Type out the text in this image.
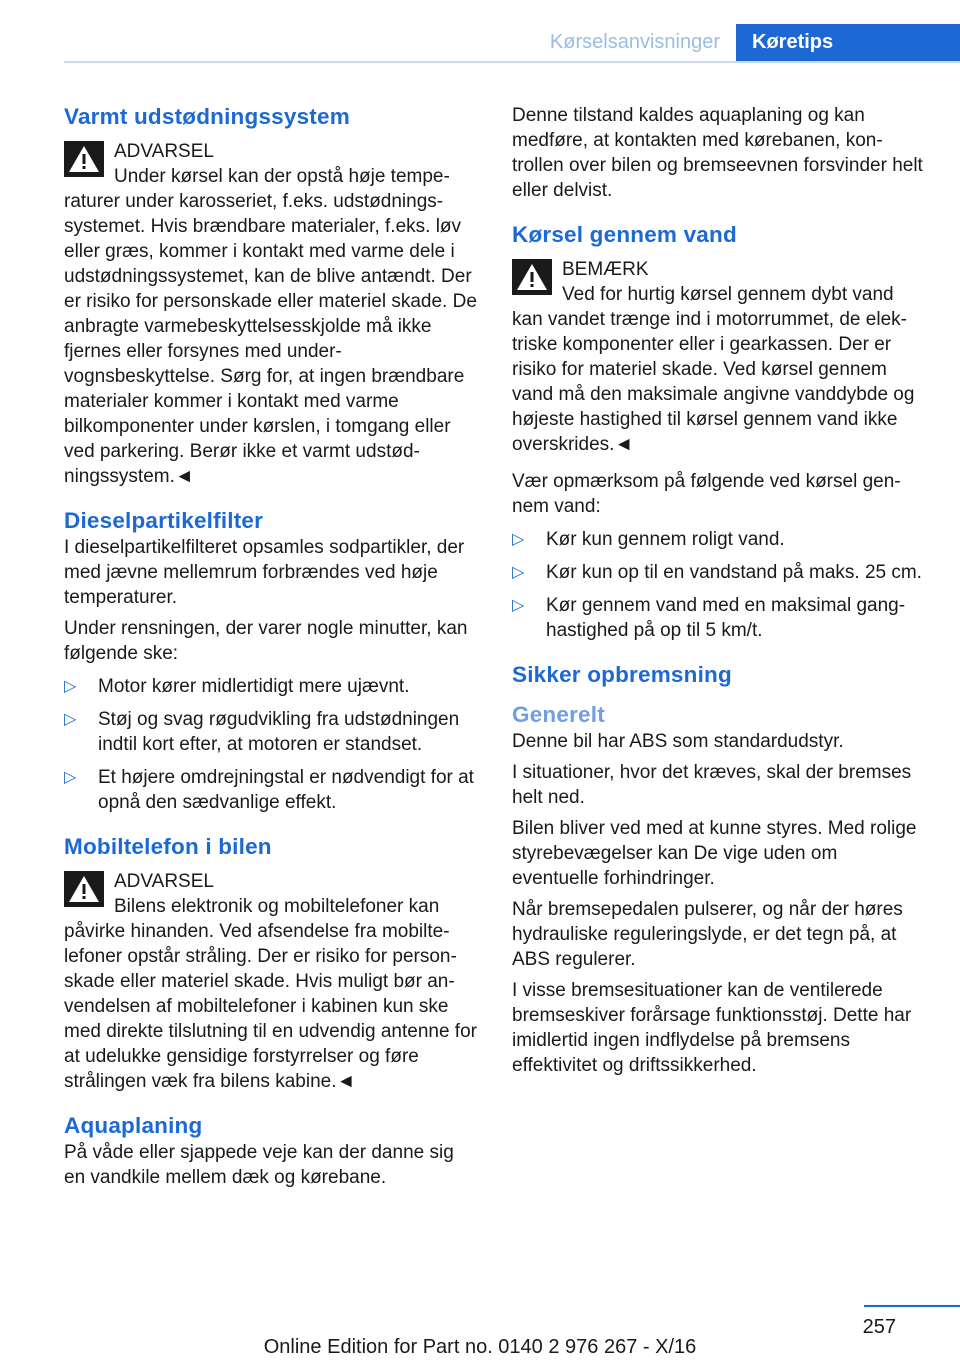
Kørselsanvisninger	Køretips
Varmt udstødningssystem
ADVARSEL
Under kørsel kan der opstå høje temperaturer under karosseriet, f.eks. udstødningssystemet. Hvis brændbare materialer, f.eks. løv eller græs, kommer i kontakt med varme dele i udstødningssystemet, kan de blive antændt. Der er risiko for personskade eller materiel skade. De anbragte varmebeskyttelsesskjolde må ikke fjernes eller forsynes med undervognsbeskyttelse. Sørg for, at ingen brændbare materialer kommer i kontakt med varme bilkomponenter under kørslen, i tomgang eller ved parkering. Berør ikke et varmt udstødningssystem.◄
Dieselpartikelfilter

I dieselpartikelfilteret opsamles sodpartikler, der med jævne mellemrum forbrændes ved høje temperaturer.

Under rensningen, der varer nogle minutter, kan følgende ske:

▷ Motor kører midlertidigt mere ujævnt.
▷ Støj og svag røgudvikling fra udstødningen indtil kort efter, at motoren er standset.
▷ Et højere omdrejningstal er nødvendigt for at opnå den sædvanlige effekt.
Mobiltelefon i bilen
ADVARSEL
Bilens elektronik og mobiltelefoner kan påvirke hinanden. Ved afsendelse fra mobiltelefoner opstår stråling. Der er risiko for personskade eller materiel skade. Hvis muligt bør anvendelsen af mobiltelefoner i kabinen kun ske med direkte tilslutning til en udvendig antenne for at udelukke gensidige forstyrrelser og føre strålingen væk fra bilens kabine.◄
Aquaplaning

På våde eller sjappede veje kan der danne sig en vandkile mellem dæk og kørebane.

Denne tilstand kaldes aquaplaning og kan medføre, at kontakten med kørebanen, kontrollen over bilen og bremseevnen forsvinder helt eller delvist.

Kørsel gennem vand
BEMÆRK
Ved for hurtig kørsel gennem dybt vand kan vandet trænge ind i motorrummet, de elektriske komponenter eller i gearkassen. Der er risiko for materiel skade. Ved kørsel gennem vand må den maksimale angivne vanddybde og højeste hastighed til kørsel gennem vand ikke overskrides.◄

Vær opmærksom på følgende ved kørsel gennem vand:

▷ Kør kun gennem roligt vand.
▷ Kør kun op til en vandstand på maks. 25 cm.
▷ Kør gennem vand med en maksimal ganghastighed på op til 5 km/t.
Sikker opbremsning
Generelt

Denne bil har ABS som standardudstyr.

I situationer, hvor det kræves, skal der bremses helt ned.

Bilen bliver ved med at kunne styres. Med rolige styrebevægelser kan De vige uden om eventuelle forhindringer.

Når bremsepedalen pulserer, og når der høres hydrauliske reguleringslyde, er det tegn på, at ABS regulerer.

I visse bremsesituationer kan de ventilerede bremseskiver forårsage funktionsstøj. Dette har imidlertid ingen indflydelse på bremsens effektivitet og driftssikkerhed.

257
Online Edition for Part no. 0140 2 976 267 - X/16
